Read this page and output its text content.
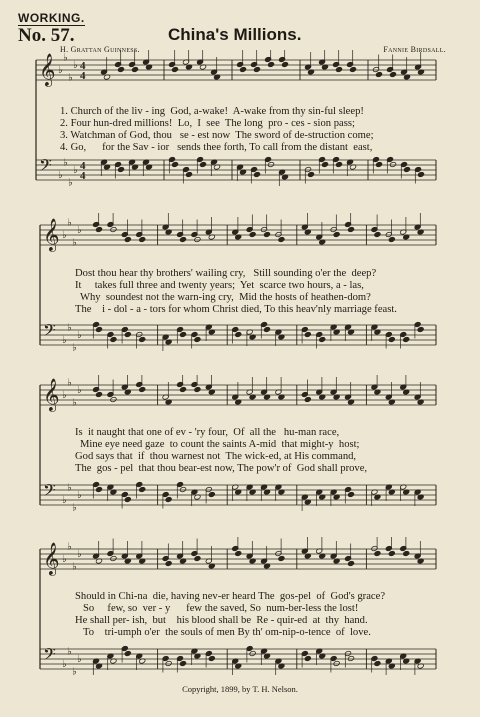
WORKING.
No. 57.	China's Millions.
H. Grattan Guinness.	Fannie Birdsall.
𝄞 ♭
♭
♭
♭ 4
4
𝄢 ♭
♭
♭
♭ 4
4
1. Church of the liv - ing  God, a-wake!  A-wake from thy sin-ful sleep!
2. Four hun-dred millions!  Lo,  I  see  The long  pro - ces - sion pass;
3. Watchman of God, thou   se - est now  The sword of de-struction come;
4. Go,      for the Sav - ior   sends thee forth, To call from the distant  east,
𝄞 ♭
♭
♭
♭
𝄢 ♭
♭
♭
♭
Dost thou hear thy brothers' wailing cry,   Still sounding o'er the  deep?
It     takes full three and twenty years;  Yet  scarce two hours, a - las,
Why  soundest not the warn-ing cry,  Mid the hosts of heathen-dom?
The    i - dol - a - tors for whom Christ died, To this heav'nly marriage feast.
𝄞 ♭
♭
♭
♭
𝄢 ♭
♭
♭
♭
Is  it naught that one of ev - 'ry four,  Of  all the   hu-man race,
Mine eye need gaze  to count the saints A-mid  that might-y  host;
God says that  if  thou warnest not  The wick-ed, at His command,
The  gos - pel  that thou bear-est now, The pow'r of  God shall prove,
𝄞 ♭
♭
♭
♭
𝄢 ♭
♭
♭
♭
Should in Chi-na  die, having nev-er heard The  gos-pel  of  God's grace?
So     few, so  ver - y      few the saved, So  num-ber-less the lost!
He shall per- ish,  but    his blood shall be  Re - quir-ed  at  thy  hand.
To    tri-umph o'er  the souls of men By th' om-nip-o-tence  of  love.
Copyright, 1899, by T. H. Nelson.
